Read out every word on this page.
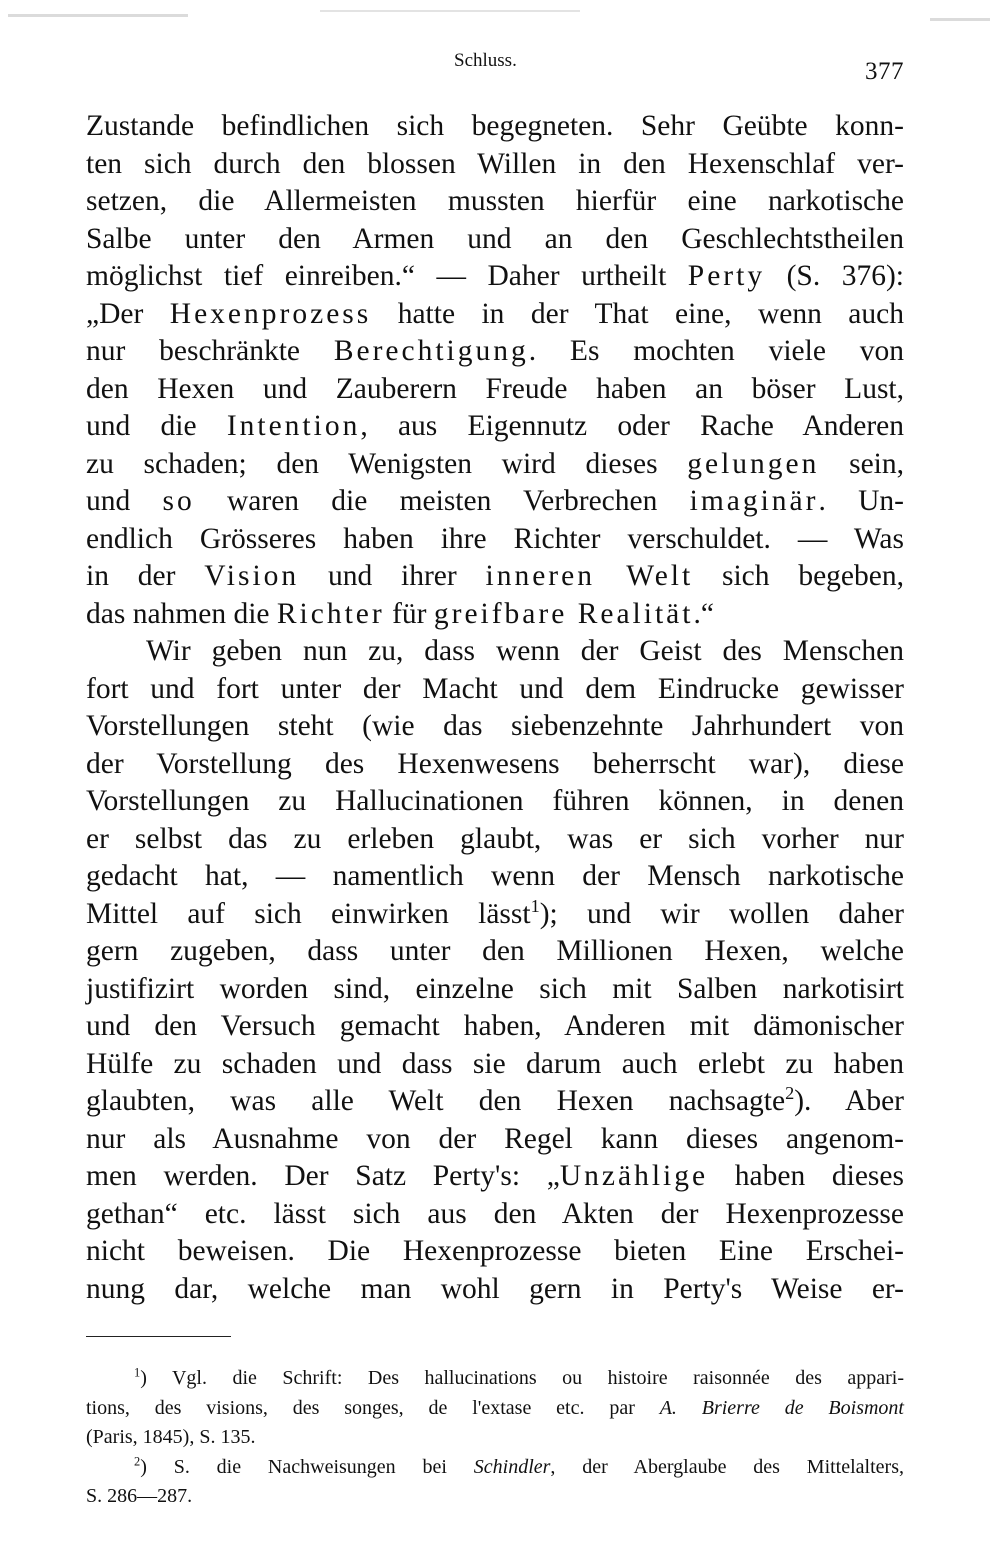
Schluss.	377
Zustande befindlichen sich begegneten. Sehr Geübte konn-
ten sich durch den blossen Willen in den Hexenschlaf ver-
setzen, die Allermeisten mussten hierfür eine narkotische
Salbe unter den Armen und an den Geschlechtstheilen
möglichst tief einreiben.“ — Daher urtheilt Perty (S. 376):
„Der Hexenprozess hatte in der That eine, wenn auch
nur beschränkte Berechtigung. Es mochten viele von
den Hexen und Zauberern Freude haben an böser Lust,
und die Intention, aus Eigennutz oder Rache Anderen
zu schaden; den Wenigsten wird dieses gelungen sein,
und so waren die meisten Verbrechen imaginär. Un-
endlich Grösseres haben ihre Richter verschuldet. — Was
in der Vision und ihrer inneren Welt sich begeben,
das nahmen die Richter für greifbare Realität.“
Wir geben nun zu, dass wenn der Geist des Menschen
fort und fort unter der Macht und dem Eindrucke gewisser
Vorstellungen steht (wie das siebenzehnte Jahrhundert von
der Vorstellung des Hexenwesens beherrscht war), diese
Vorstellungen zu Hallucinationen führen können, in denen
er selbst das zu erleben glaubt, was er sich vorher nur
gedacht hat, — namentlich wenn der Mensch narkotische
Mittel auf sich einwirken lässt$^1$); und wir wollen daher
gern zugeben, dass unter den Millionen Hexen, welche
justifizirt worden sind, einzelne sich mit Salben narkotisirt
und den Versuch gemacht haben, Anderen mit dämonischer
Hülfe zu schaden und dass sie darum auch erlebt zu haben
glaubten, was alle Welt den Hexen nachsagte$^2$). Aber
nur als Ausnahme von der Regel kann dieses angenom-
men werden. Der Satz Perty's: „Unzählige haben dieses
gethan“ etc. lässt sich aus den Akten der Hexenprozesse
nicht beweisen. Die Hexenprozesse bieten Eine Erschei-
nung dar, welche man wohl gern in Perty's Weise er-
$^1$) Vgl. die Schrift: Des hallucinations ou histoire raisonnée des appari-
tions, des visions, des songes, de l'extase etc. par A. Brierre de Boismont
(Paris, 1845), S. 135.
$^2$) S. die Nachweisungen bei Schindler, der Aberglaube des Mittelalters,
S. 286—287.
